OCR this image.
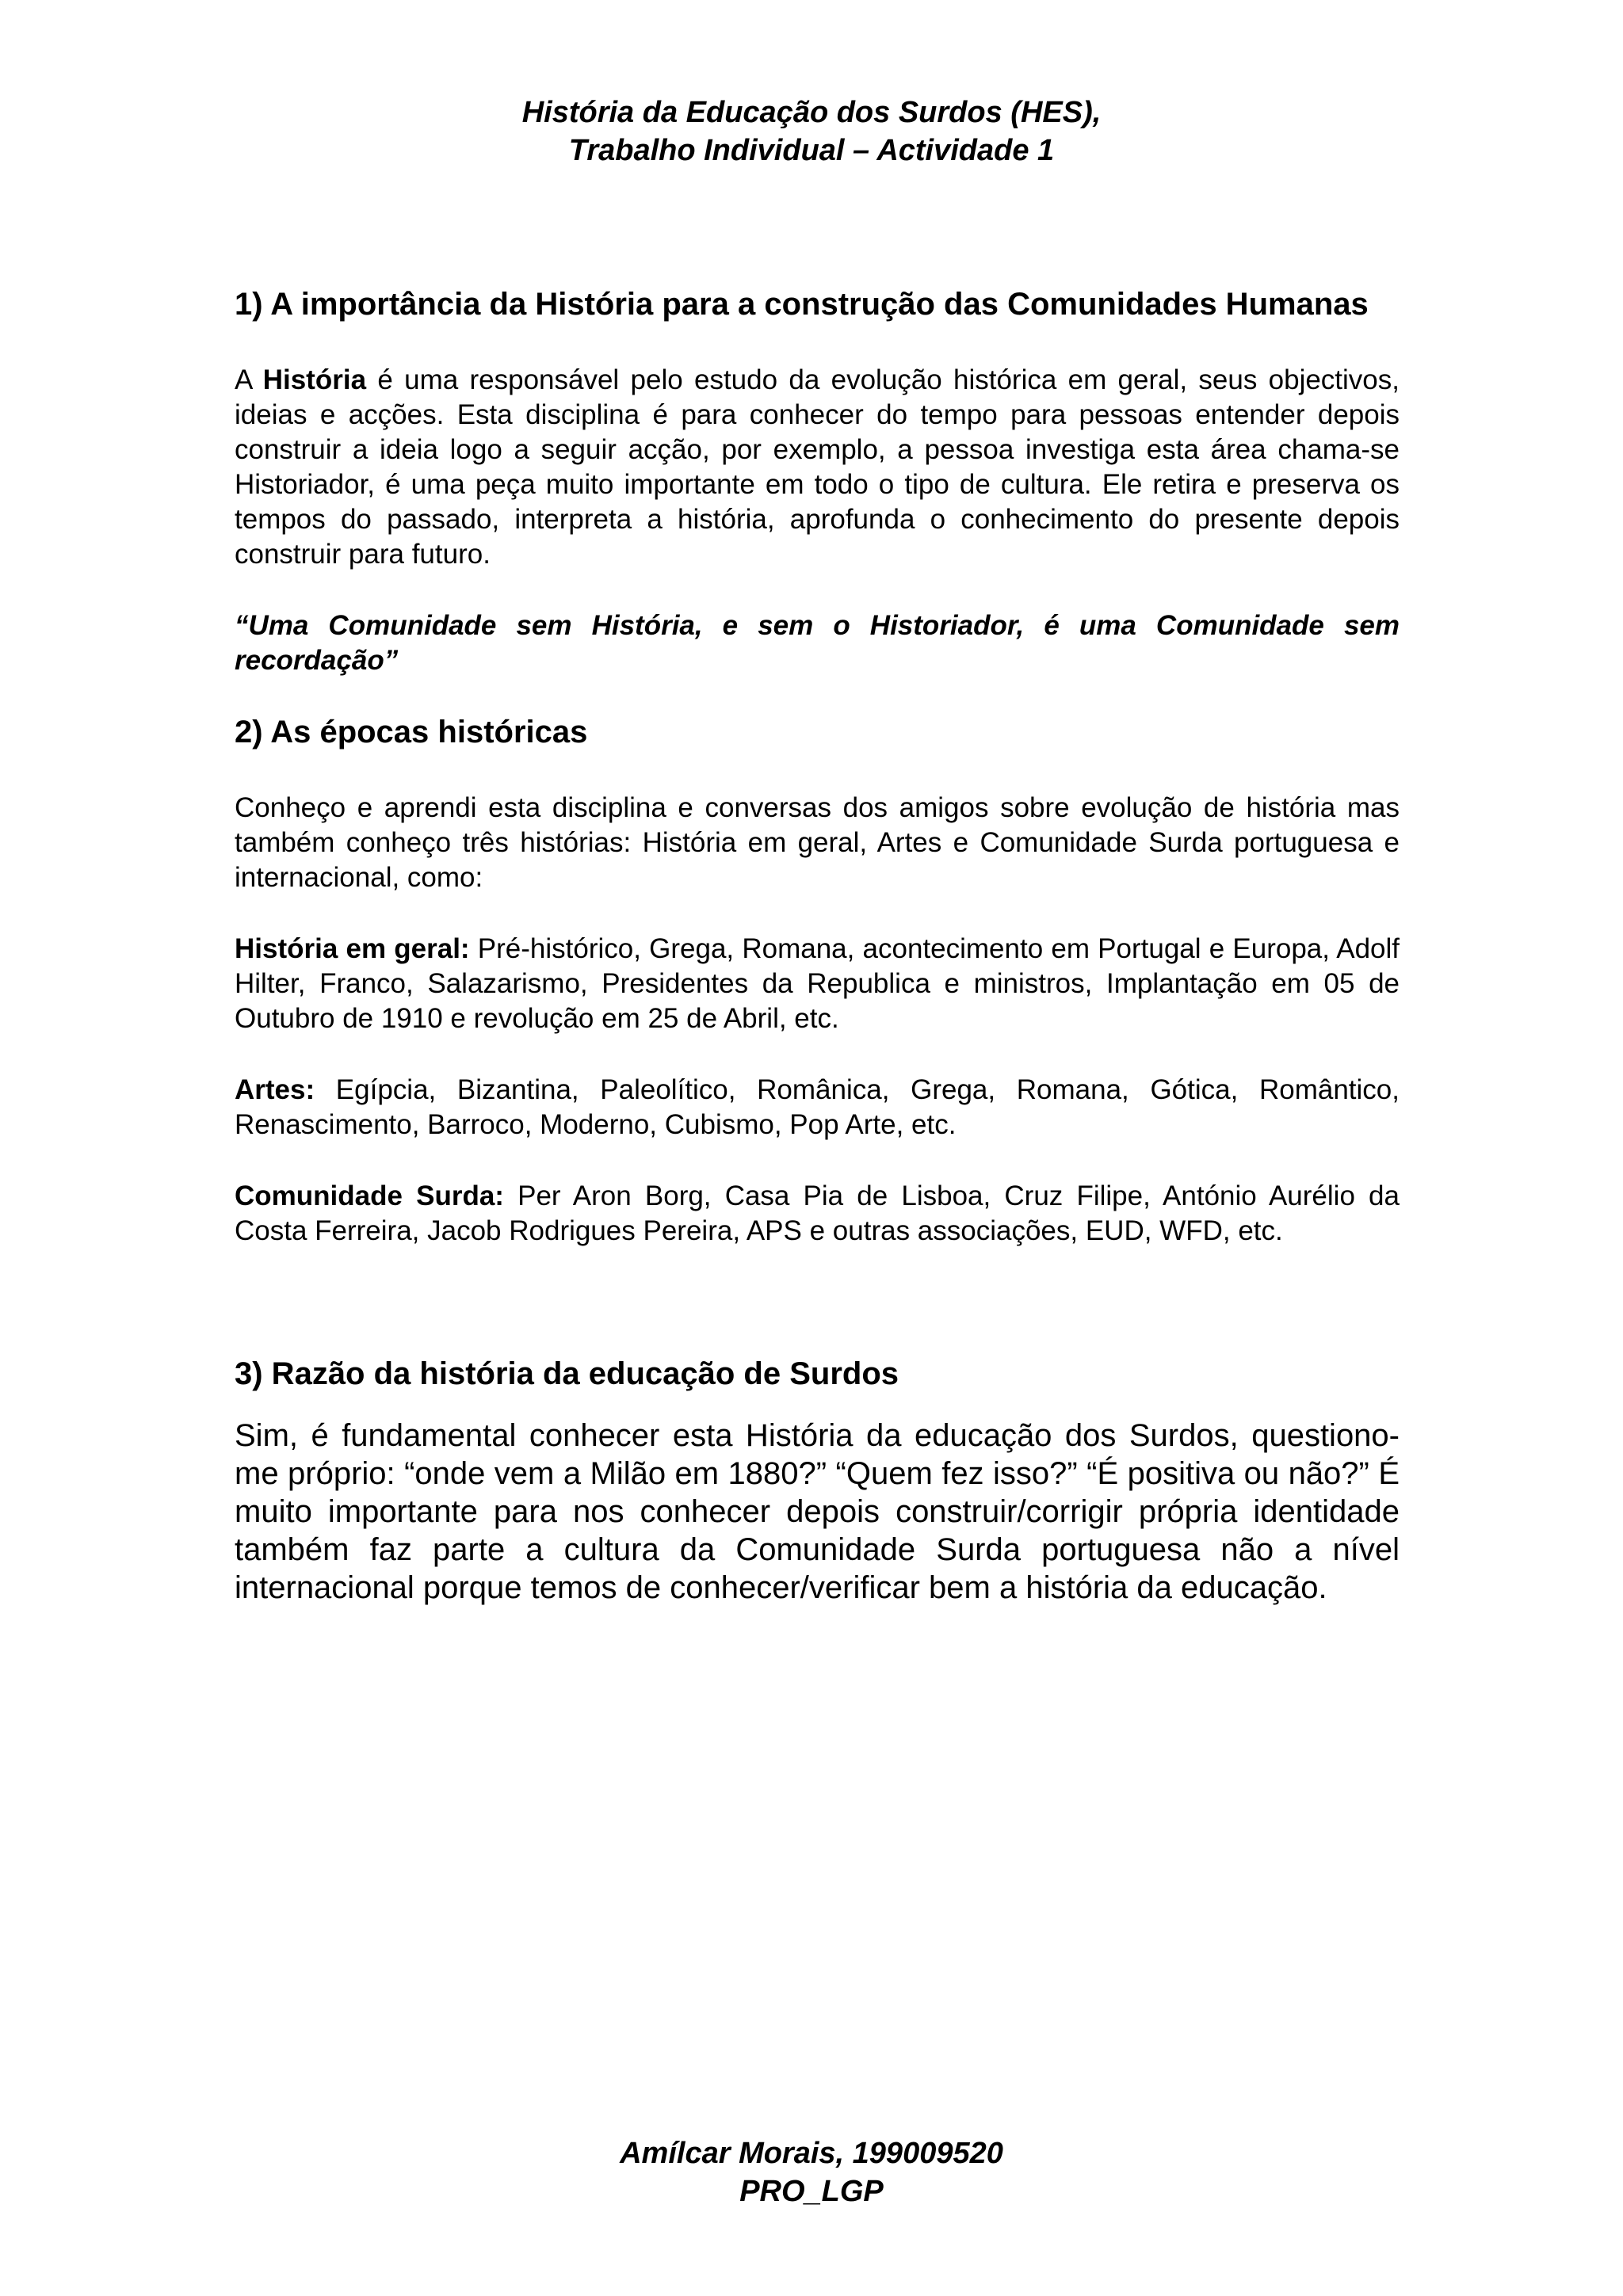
História da Educação dos Surdos (HES),
Trabalho Individual – Actividade 1

1) A importância da História para a construção das Comunidades Humanas

A História é uma responsável pelo estudo da evolução histórica em geral, seus objectivos, ideias e acções. Esta disciplina é para conhecer do tempo para pessoas entender depois construir a ideia logo a seguir acção, por exemplo, a pessoa investiga esta área chama-se Historiador, é uma peça muito importante em todo o tipo de cultura. Ele retira e preserva os tempos do passado, interpreta a história, aprofunda o conhecimento do presente depois construir para futuro.

“Uma Comunidade sem História, e sem o Historiador, é uma Comunidade sem recordação”

2) As épocas históricas

Conheço e aprendi esta disciplina e conversas dos amigos sobre evolução de história mas também conheço três histórias: História em geral, Artes e Comunidade Surda portuguesa e internacional, como:

História em geral: Pré-histórico, Grega, Romana, acontecimento em Portugal e Europa, Adolf Hilter, Franco, Salazarismo, Presidentes da Republica e ministros, Implantação em 05 de Outubro de 1910 e revolução em 25 de Abril, etc.

Artes: Egípcia, Bizantina, Paleolítico, Românica, Grega, Romana, Gótica, Romântico, Renascimento, Barroco, Moderno, Cubismo, Pop Arte, etc.

Comunidade Surda: Per Aron Borg, Casa Pia de Lisboa, Cruz Filipe, António Aurélio da Costa Ferreira, Jacob Rodrigues Pereira, APS e outras associações, EUD, WFD, etc.

3) Razão da história da educação de Surdos

Sim, é fundamental conhecer esta História da educação dos Surdos, questiono-me próprio: “onde vem a Milão em 1880?” “Quem fez isso?” “É positiva ou não?” É muito importante para nos conhecer depois construir/corrigir própria identidade também faz parte a cultura da Comunidade Surda portuguesa não a nível internacional porque temos de conhecer/verificar bem a história da educação.

Amílcar Morais, 199009520
PRO_LGP
